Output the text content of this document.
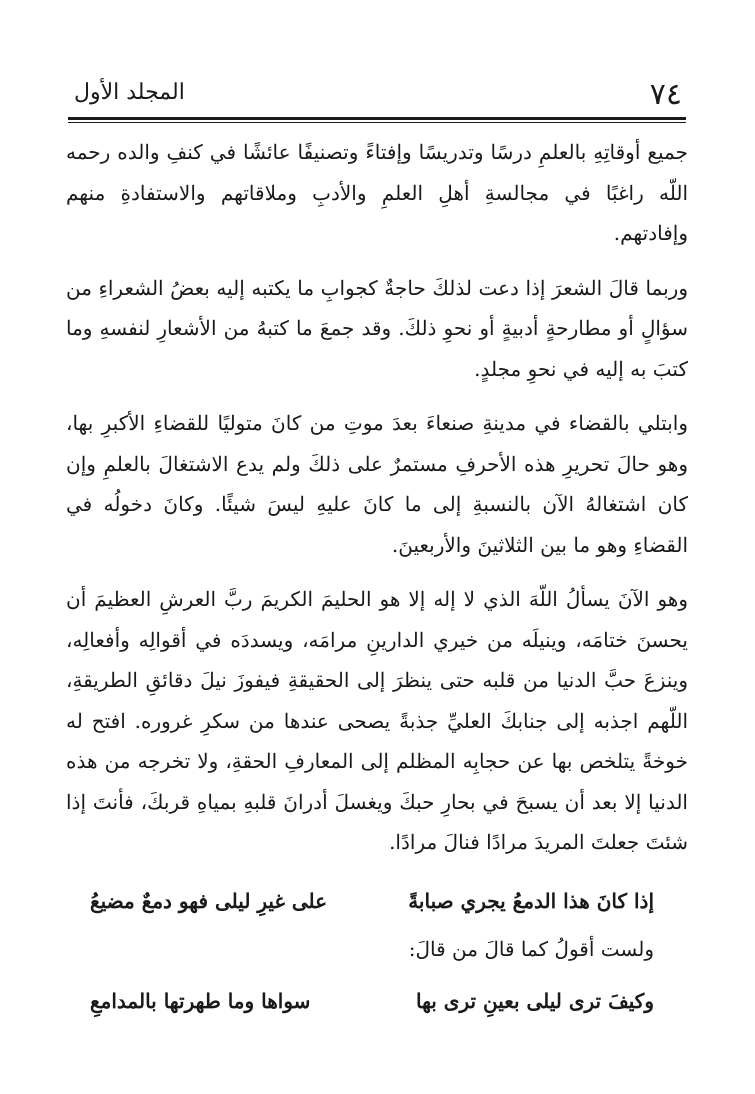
٧٤
المجلد الأول

جميع أوقاتِهِ بالعلمِ درسًا وتدريسًا وإفتاءً وتصنيفًا عائشًا في كنفِ والده رحمه اللّه راغبًا في مجالسةِ أهلِ العلمِ والأدبِ وملاقاتهم والاستفادةِ منهم وإفادتهم.

وربما قالَ الشعرَ إذا دعت لذلكَ حاجةٌ كجوابِ ما يكتبه إليه بعضُ الشعراءِ من سؤالٍ أو مطارحةٍ أدبيةٍ أو نحوِ ذلكَ. وقد جمعَ ما كتبهُ من الأشعارِ لنفسهِ وما كتبَ به إليه في نحوِ مجلدٍ.

وابتلي بالقضاء في مدينةِ صنعاءَ بعدَ موتِ من كانَ متوليًا للقضاءِ الأكبرِ بها، وهو حالَ تحريرِ هذه الأحرفِ مستمرٌ على ذلكَ ولم يدع الاشتغالَ بالعلمِ وإن كان اشتغالهُ الآن بالنسبةِ إلى ما كانَ عليهِ ليسَ شيئًا. وكانَ دخولُه في القضاءِ وهو ما بين الثلاثينَ والأربعينَ.

وهو الآنَ يسألُ اللّهَ الذي لا إله إلا هو الحليمَ الكريمَ ربَّ العرشِ العظيمَ أن يحسنَ ختامَه، وينيلَه من خيري الدارينِ مرامَه، ويسددَه في أقوالِه وأفعالِه، وينزعَ حبَّ الدنيا من قلبه حتى ينظرَ إلى الحقيقةِ فيفوزَ نيلَ دقائقِ الطريقةِ، اللّهم اجذبه إلى جنابكَ العليِّ جذبةً يصحى عندها من سكرِ غروره. افتح له خوخةً يتلخص بها عن حجابِه المظلم إلى المعارفِ الحقةِ، ولا تخرجه من هذه الدنيا إلا بعد أن يسبحَ في بحارِ حبكَ ويغسلَ أدرانَ قلبهِ بمياهِ قربكَ، فأنتَ إذا شئتَ جعلتَ المريدَ مرادًا فنالَ مرادًا.

إذا كانَ هذا الدمعُ يجري صبابةً
على غيرِ ليلى فهو دمعٌ مضيعُ

ولست أقولُ كما قالَ من قالَ:

وكيفَ ترى ليلى بعينِ ترى بها
سواها وما طهرتها بالمدامعِ
